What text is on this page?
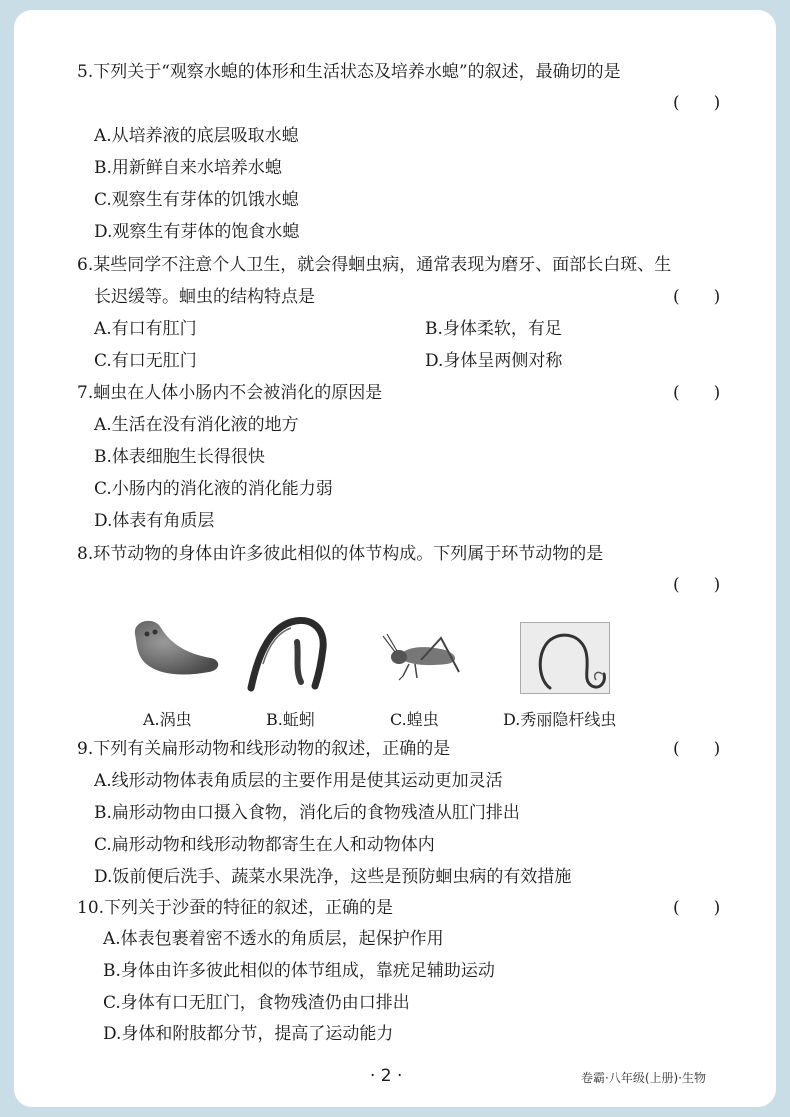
5.下列关于“观察水螅的体形和生活状态及培养水螅”的叙述，最确切的是
(　　)
A.从培养液的底层吸取水螅
B.用新鲜自来水培养水螅
C.观察生有芽体的饥饿水螅
D.观察生有芽体的饱食水螅
6.某些同学不注意个人卫生，就会得蛔虫病，通常表现为磨牙、面部长白斑、生
长迟缓等。蛔虫的结构特点是	(　　)
A.有口有肛门	B.身体柔软，有足
C.有口无肛门	D.身体呈两侧对称
7.蛔虫在人体小肠内不会被消化的原因是	(　　)
A.生活在没有消化液的地方
B.体表细胞生长得很快
C.小肠内的消化液的消化能力弱
D.体表有角质层
8.环节动物的身体由许多彼此相似的体节构成。下列属于环节动物的是
(　　)
A.涡虫	B.蚯蚓	C.蝗虫	D.秀丽隐杆线虫
9.下列有关扁形动物和线形动物的叙述，正确的是	(　　)
A.线形动物体表角质层的主要作用是使其运动更加灵活
B.扁形动物由口摄入食物，消化后的食物残渣从肛门排出
C.扁形动物和线形动物都寄生在人和动物体内
D.饭前便后洗手、蔬菜水果洗净，这些是预防蛔虫病的有效措施
10.下列关于沙蚕的特征的叙述，正确的是	(　　)
A.体表包裹着密不透水的角质层，起保护作用
B.身体由许多彼此相似的体节组成，靠疣足辅助运动
C.身体有口无肛门，食物残渣仍由口排出
D.身体和附肢都分节，提高了运动能力
· 2 ·	卷霸·八年级(上册)·生物
